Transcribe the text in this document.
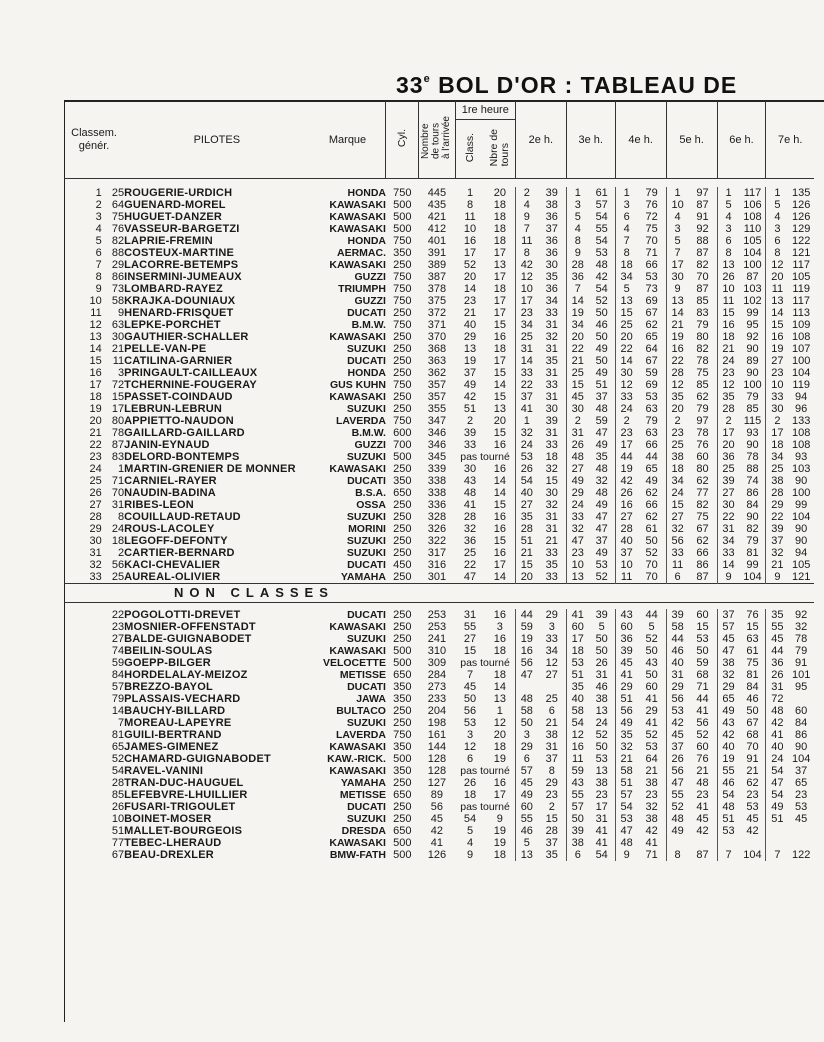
33e BOL D'OR : TABLEAU DE
Classem.
génér.		PILOTES	Marque	Cyl.	Nombre
de tours
à l'arrivée	1re heure		2e h.		3e h.		4e h.		5e h.		6e h.		7e h.	
						Class.	Nbre de
tours												

1	25	ROUGERIE-URDICH	HONDA	750	445	1	20	2	39	1	61	1	79	1	97	1	117	1	135
2	64	GUENARD-MOREL	KAWASAKI	500	435	8	18	4	38	3	57	3	76	10	87	5	106	5	126
3	75	HUGUET-DANZER	KAWASAKI	500	421	11	18	9	36	5	54	6	72	4	91	4	108	4	126
4	76	VASSEUR-BARGETZI	KAWASAKI	500	412	10	18	7	37	4	55	4	75	3	92	3	110	3	129
5	82	LAPRIE-FREMIN	HONDA	750	401	16	18	11	36	8	54	7	70	5	88	6	105	6	122
6	88	COSTEUX-MARTINE	AERMAC.	350	391	17	17	8	36	9	53	8	71	7	87	8	104	8	121
7	29	LACORRE-BETEMPS	KAWASAKI	250	389	52	13	42	30	28	48	18	66	17	82	13	100	12	117
8	86	INSERMINI-JUMEAUX	GUZZI	750	387	20	17	12	35	36	42	34	53	30	70	26	87	20	105
9	73	LOMBARD-RAYEZ	TRIUMPH	750	378	14	18	10	36	7	54	5	73	9	87	10	103	11	119
10	58	KRAJKA-DOUNIAUX	GUZZI	750	375	23	17	17	34	14	52	13	69	13	85	11	102	13	117
11	9	HENARD-FRISQUET	DUCATI	250	372	21	17	23	33	19	50	15	67	14	83	15	99	14	113
12	63	LEPKE-PORCHET	B.M.W.	750	371	40	15	34	31	34	46	25	62	21	79	16	95	15	109
13	30	GAUTHIER-SCHALLER	KAWASAKI	250	370	29	16	25	32	20	50	20	65	19	80	18	92	16	108
14	21	PELLE-VAN-PE	SUZUKI	250	368	13	18	31	31	22	49	22	64	16	82	21	90	19	107
15	11	CATILINA-GARNIER	DUCATI	250	363	19	17	14	35	21	50	14	67	22	78	24	89	27	100
16	3	PRINGAULT-CAILLEAUX	HONDA	250	362	37	15	33	31	25	49	30	59	28	75	23	90	23	104
17	72	TCHERNINE-FOUGERAY	GUS KUHN	750	357	49	14	22	33	15	51	12	69	12	85	12	100	10	119
18	15	PASSET-COINDAUD	KAWASAKI	250	357	42	15	37	31	45	37	33	53	35	62	35	79	33	94
19	17	LEBRUN-LEBRUN	SUZUKI	250	355	51	13	41	30	30	48	24	63	20	79	28	85	30	96
20	80	APPIETTO-NAUDON	LAVERDA	750	347	2	20	1	39	2	59	2	79	2	97	2	115	2	133
21	78	GAILLARD-GAILLARD	B.M.W.	600	346	39	15	32	31	31	47	23	63	23	78	17	93	17	108
22	87	JANIN-EYNAUD	GUZZI	700	346	33	16	24	33	26	49	17	66	25	76	20	90	18	108
23	83	DELORD-BONTEMPS	SUZUKI	500	345	pas tourné		53	18	48	35	44	44	38	60	36	78	34	93
24	1	MARTIN-GRENIER DE MONNER	KAWASAKI	250	339	30	16	26	32	27	48	19	65	18	80	25	88	25	103
25	71	CARNIEL-RAYER	DUCATI	350	338	43	14	54	15	49	32	42	49	34	62	39	74	38	90
26	70	NAUDIN-BADINA	B.S.A.	650	338	48	14	40	30	29	48	26	62	24	77	27	86	28	100
27	31	RIBES-LEON	OSSA	250	336	41	15	27	32	24	49	16	66	15	82	30	84	29	99
28	8	COUILLAUD-RETAUD	SUZUKI	250	328	28	16	35	31	33	47	27	62	27	75	22	90	22	104
29	24	ROUS-LACOLEY	MORINI	250	326	32	16	28	31	32	47	28	61	32	67	31	82	39	90
30	18	LEGOFF-DEFONTY	SUZUKI	250	322	36	15	51	21	47	37	40	50	56	62	34	79	37	90
31	2	CARTIER-BERNARD	SUZUKI	250	317	25	16	21	33	23	49	37	52	33	66	33	81	32	94
32	56	KACI-CHEVALIER	DUCATI	450	316	22	17	15	35	10	53	10	70	11	86	14	99	21	105
33	25	AUREAL-OLIVIER	YAMAHA	250	301	47	14	20	33	13	52	11	70	6	87	9	104	9	121
NON CLASSES																			

	22	POGOLOTTI-DREVET	DUCATI	250	253	31	16	44	29	41	39	43	44	39	60	37	76	35	92
	23	MOSNIER-OFFENSTADT	KAWASAKI	250	253	55	3	59	3	60	5	60	5	58	15	57	15	55	32
	27	BALDE-GUIGNABODET	SUZUKI	250	241	27	16	19	33	17	50	36	52	44	53	45	63	45	78
	74	BEILIN-SOULAS	KAWASAKI	500	310	15	18	16	34	18	50	39	50	46	50	47	61	44	79
	59	GOEPP-BILGER	VELOCETTE	500	309	pas tourné		56	12	53	26	45	43	40	59	38	75	36	91
	84	HORDELALAY-MEIZOZ	METISSE	650	284	7	18	47	27	51	31	41	50	31	68	32	81	26	101
	57	BREZZO-BAYOL	DUCATI	350	273	45	14			35	46	29	60	29	71	29	84	31	95
	79	PLASSAIS-VECHARD	JAWA	350	233	50	13	48	25	40	38	51	41	56	44	65	46	72	
	14	BAUCHY-BILLARD	BULTACO	250	204	56	1	58	6	58	13	56	29	53	41	49	50	48	60
	7	MOREAU-LAPEYRE	SUZUKI	250	198	53	12	50	21	54	24	49	41	42	56	43	67	42	84
	81	GUILI-BERTRAND	LAVERDA	750	161	3	20	3	38	12	52	35	52	45	52	42	68	41	86
	65	JAMES-GIMENEZ	KAWASAKI	350	144	12	18	29	31	16	50	32	53	37	60	40	70	40	90
	52	CHAMARD-GUIGNABODET	KAW.-RICK.	500	128	6	19	6	37	11	53	21	64	26	76	19	91	24	104
	54	RAVEL-VANINI	KAWASAKI	350	128	pas tourné		57	8	59	13	58	21	56	21	55	21	54	37
	28	TRAN-DUC-HAUGUEL	YAMAHA	250	127	26	16	45	29	43	38	51	38	47	48	46	62	47	65
	85	LEFEBVRE-LHUILLIER	METISSE	650	89	18	17	49	23	55	23	57	23	55	23	54	23	54	23
	26	FUSARI-TRIGOULET	DUCATI	250	56	pas tourné		60	2	57	17	54	32	52	41	48	53	49	53
	10	BOINET-MOSER	SUZUKI	250	45	54	9	55	15	50	31	53	38	48	45	51	45	51	45
	51	MALLET-BOURGEOIS	DRESDA	650	42	5	19	46	28	39	41	47	42	49	42	53	42		
	77	TEBEC-LHERAUD	KAWASAKI	500	41	4	19	5	37	38	41	48	41						
	67	BEAU-DREXLER	BMW-FATH	500	126	9	18	13	35	6	54	9	71	8	87	7	104	7	122
